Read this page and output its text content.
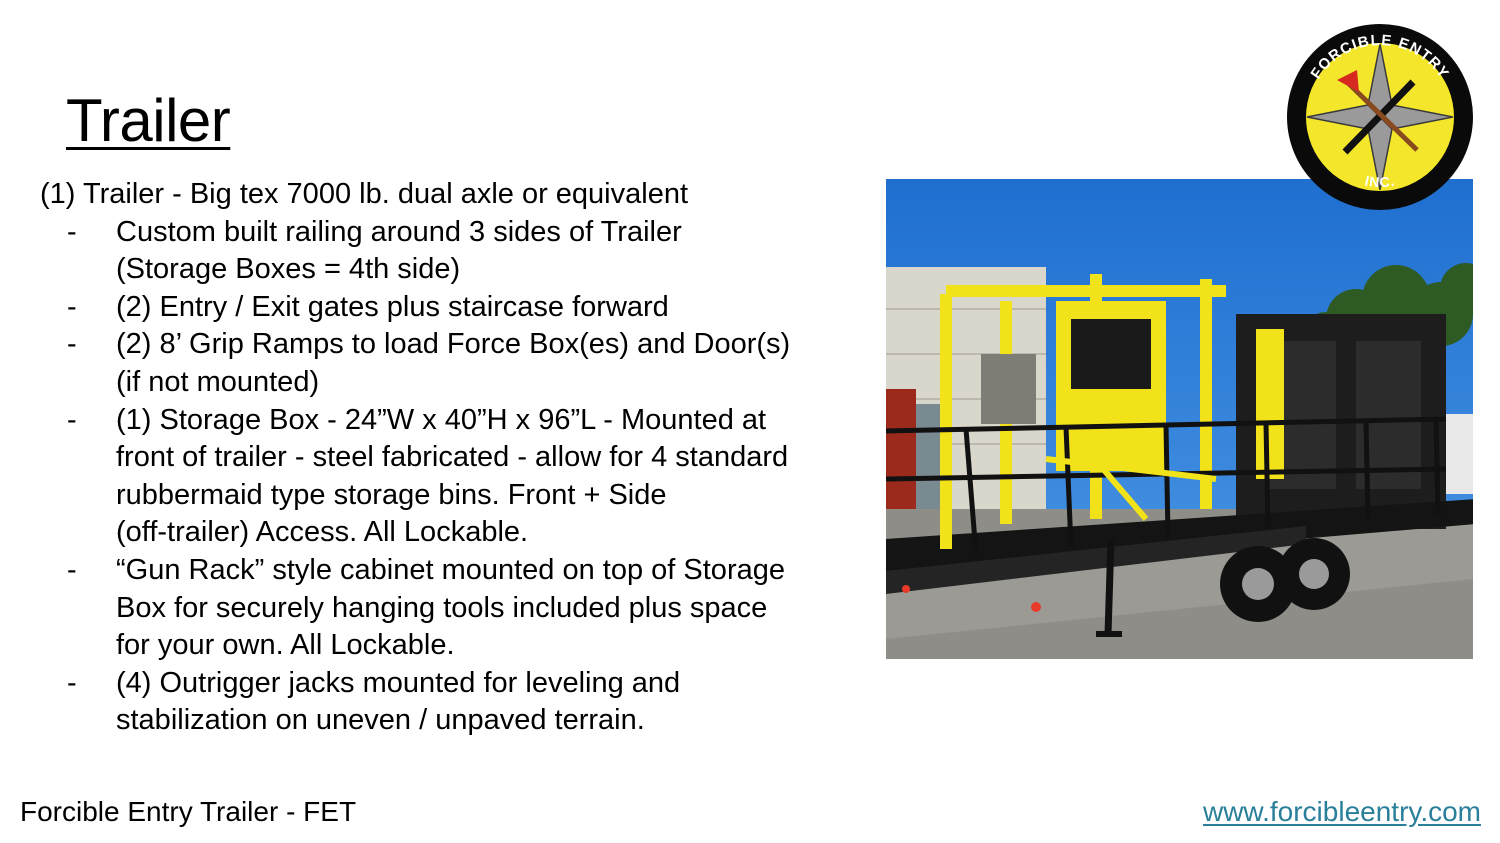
Trailer

(1) Trailer - Big tex 7000 lb. dual axle or equivalent

- Custom built railing around 3 sides of Trailer
(Storage Boxes = 4th side)
- (2) Entry / Exit gates plus staircase forward
- (2) 8’ Grip Ramps to load Force Box(es) and Door(s)
(if not mounted)
- (1) Storage Box - 24”W x 40”H x 96”L - Mounted at
front of trailer - steel fabricated - allow for 4 standard
rubbermaid type storage bins. Front + Side
(off-trailer) Access. All Lockable.
- “Gun Rack” style cabinet mounted on top of Storage
Box for securely hanging tools included plus space
for your own. All Lockable.
- (4) Outrigger jacks mounted for leveling and
stabilization on uneven / unpaved terrain.
FORCIBLE ENTRY
INC.
Forcible Entry Trailer - FET	www.forcibleentry.com
